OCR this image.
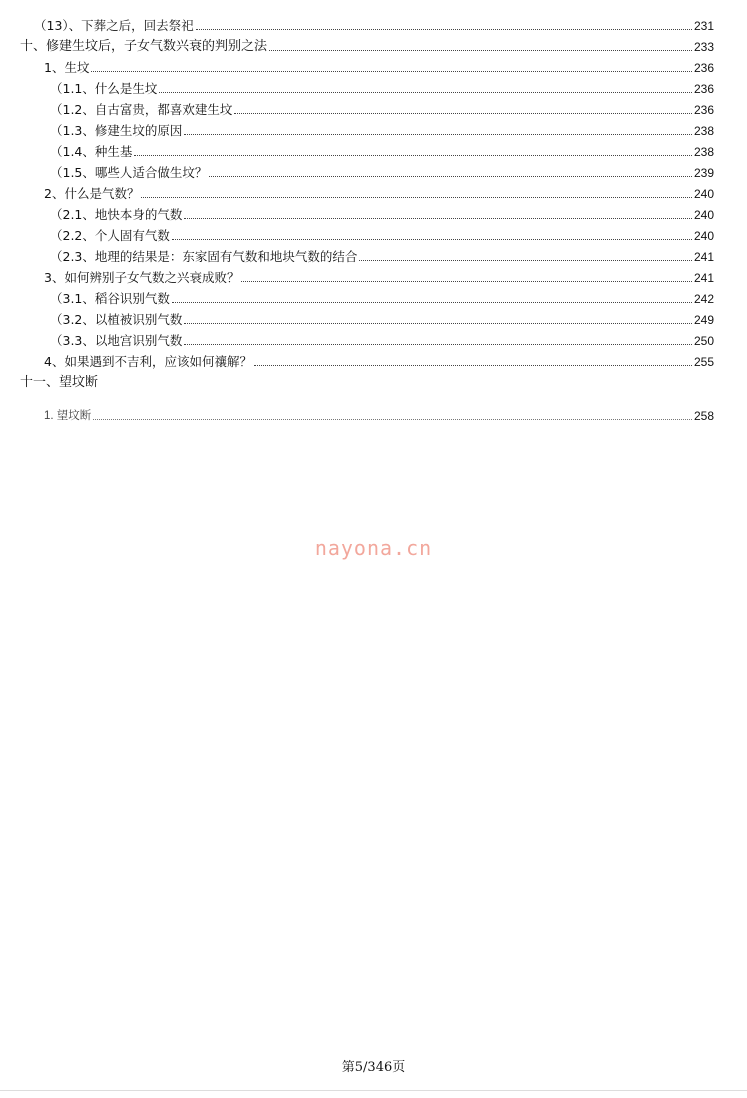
（13）、下葬之后，回去祭祀	231
十、修建生坟后，子女气数兴衰的判别之法	233
1、生坟	236
（1.1、什么是生坟	236
（1.2、自古富贵，都喜欢建生坟	236
（1.3、修建生坟的原因	238
（1.4、种生基	238
（1.5、哪些人适合做生坟？	239
2、什么是气数？	240
（2.1、地快本身的气数	240
（2.2、个人固有气数	240
（2.3、地理的结果是：东家固有气数和地块气数的结合	241
3、如何辨别子女气数之兴衰成败？	241
（3.1、稻谷识别气数	242
（3.2、以植被识别气数	249
（3.3、以地宫识别气数	250
4、如果遇到不吉利，应该如何禳解？	255
十一、望坟断
1. 望坟断	258
nayona.cn
第5/346页
